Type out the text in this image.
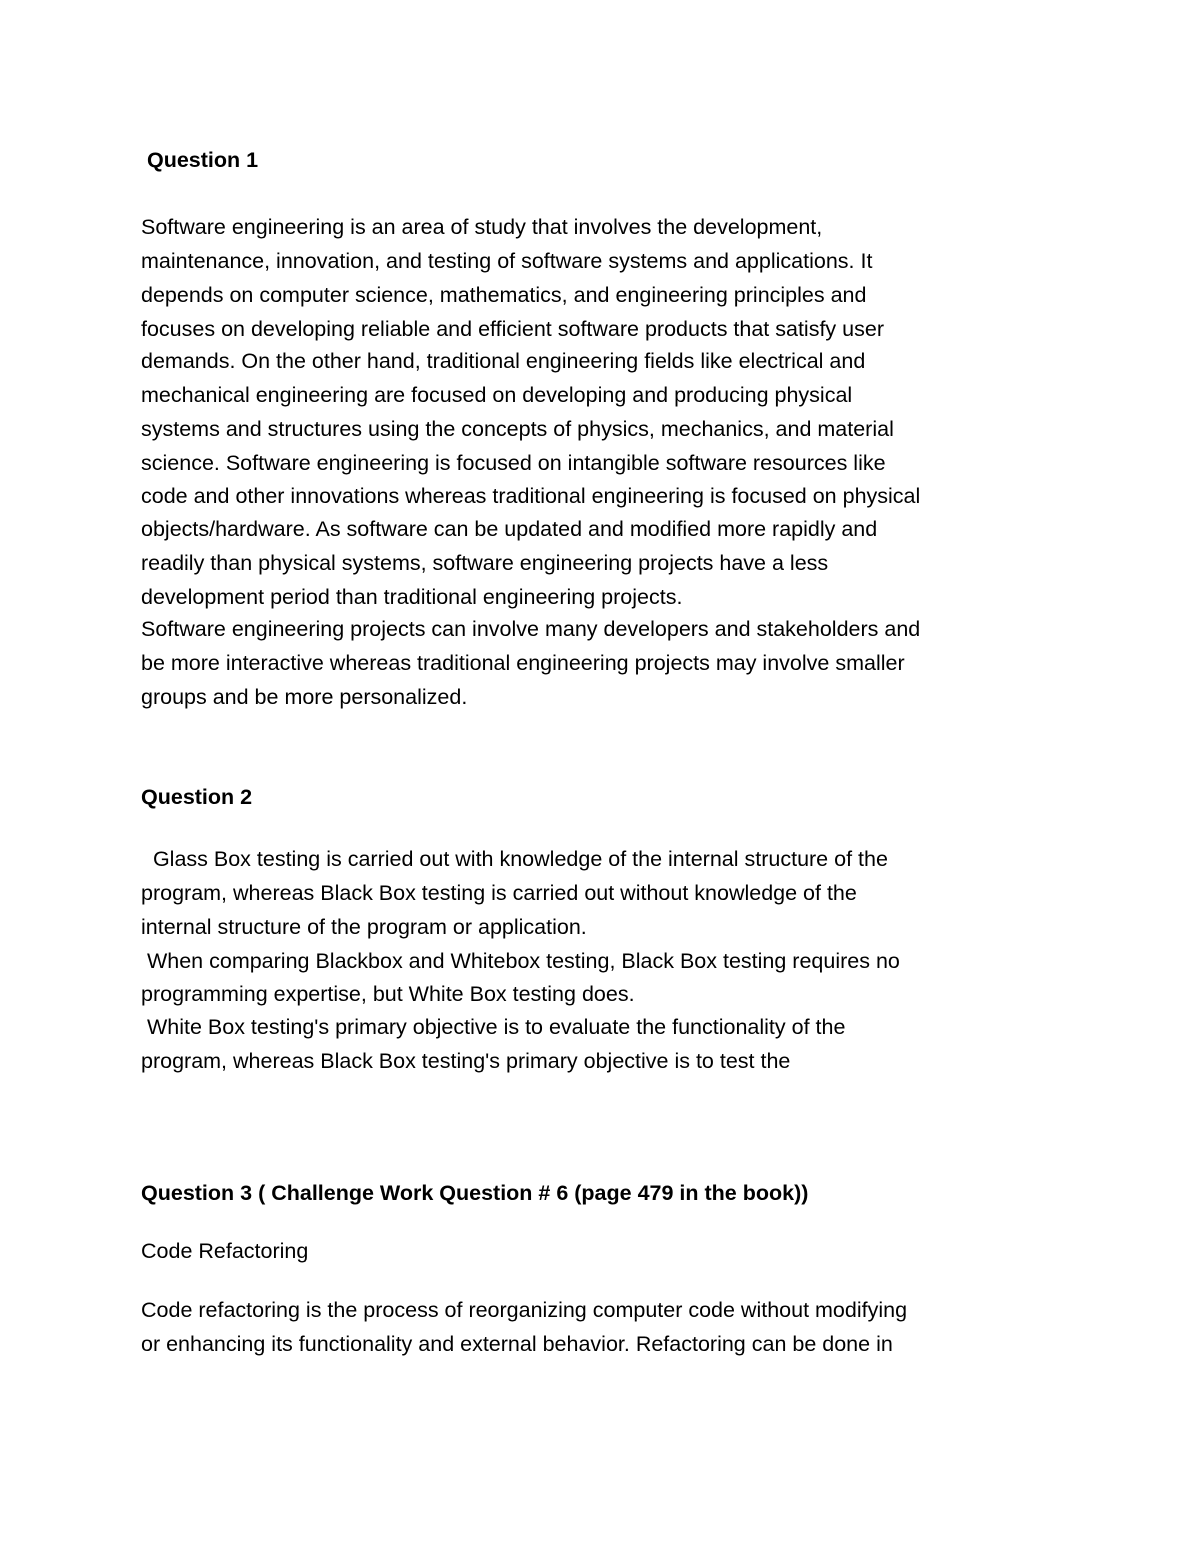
Question 1
Software engineering is an area of study that involves the development,
maintenance, innovation, and testing of software systems and applications. It
depends on computer science, mathematics, and engineering principles and
focuses on developing reliable and efficient software products that satisfy user
demands. On the other hand, traditional engineering fields like electrical and
mechanical engineering are focused on developing and producing physical
systems and structures using the concepts of physics, mechanics, and material
science. Software engineering is focused on intangible software resources like
code and other innovations whereas traditional engineering is focused on physical
objects/hardware. As software can be updated and modified more rapidly and
readily than physical systems, software engineering projects have a less
development period than traditional engineering projects.
Software engineering projects can involve many developers and stakeholders and
be more interactive whereas traditional engineering projects may involve smaller
groups and be more personalized.
Question 2
Glass Box testing is carried out with knowledge of the internal structure of the
program, whereas Black Box testing is carried out without knowledge of the
internal structure of the program or application.
When comparing Blackbox and Whitebox testing, Black Box testing requires no
programming expertise, but White Box testing does.
White Box testing's primary objective is to evaluate the functionality of the
program, whereas Black Box testing's primary objective is to test the
Question 3 ( Challenge Work Question # 6 (page 479 in the book))
Code Refactoring
Code refactoring is the process of reorganizing computer code without modifying
or enhancing its functionality and external behavior. Refactoring can be done in
